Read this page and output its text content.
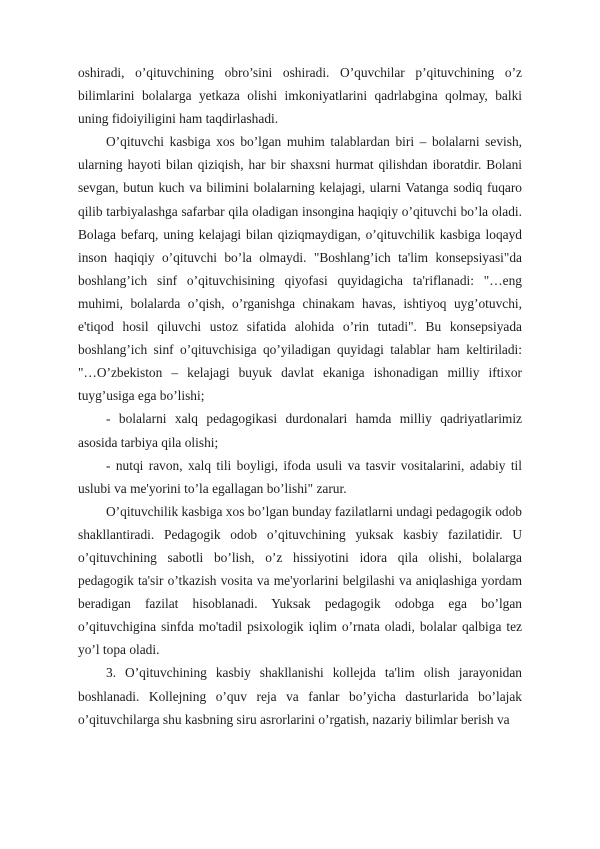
oshiradi, o’qituvchining obro’sini oshiradi. O’quvchilar p’qituvchining o’z bilimlarini bolalarga yetkaza olishi imkoniyatlarini qadrlabgina qolmay, balki uning fidoiyiligini ham taqdirlashadi.

O’qituvchi kasbiga xos bo’lgan muhim talablardan biri – bolalarni sevish, ularning hayoti bilan qiziqish, har bir shaxsni hurmat qilishdan iboratdir. Bolani sevgan, butun kuch va bilimini bolalarning kelajagi, ularni Vatanga sodiq fuqaro qilib tarbiyalashga safarbar qila oladigan insongina haqiqiy o’qituvchi bo’la oladi. Bolaga befarq, uning kelajagi bilan qiziqmaydigan, o’qituvchilik kasbiga loqayd inson haqiqiy o’qituvchi bo’la olmaydi. "Boshlang’ich ta'lim konsepsiyasi"da boshlang’ich sinf o’qituvchisining qiyofasi quyidagicha ta'riflanadi: "…eng muhimi, bolalarda o’qish, o’rganishga chinakam havas, ishtiyoq uyg’otuvchi, e'tiqod hosil qiluvchi ustoz sifatida alohida o’rin tutadi". Bu konsepsiyada boshlang’ich sinf o’qituvchisiga qo’yiladigan quyidagi talablar ham keltiriladi: "…O’zbekiston – kelajagi buyuk davlat ekaniga ishonadigan milliy iftixor tuyg’usiga ega bo’lishi;

- bolalarni xalq pedagogikasi durdonalari hamda milliy qadriyatlarimiz asosida tarbiya qila olishi;

- nutqi ravon, xalq tili boyligi, ifoda usuli va tasvir vositalarini, adabiy til uslubi va me'yorini to’la egallagan bo’lishi" zarur.

O’qituvchilik kasbiga xos bo’lgan bunday fazilatlarni undagi pedagogik odob shakllantiradi. Pedagogik odob o’qituvchining yuksak kasbiy fazilatidir. U o’qituvchining sabotli bo’lish, o’z hissiyotini idora qila olishi, bolalarga pedagogik ta'sir o’tkazish vosita va me'yorlarini belgilashi va aniqlashiga yordam beradigan fazilat hisoblanadi. Yuksak pedagogik odobga ega bo’lgan o’qituvchigina sinfda mo'tadil psixologik iqlim o’rnata oladi, bolalar qalbiga tez yo’l topa oladi.

3. O’qituvchining kasbiy shakllanishi kollejda ta'lim olish jarayonidan boshlanadi. Kollejning o’quv reja va fanlar bo’yicha dasturlarida bo’lajak o’qituvchilarga shu kasbning siru asrorlarini o’rgatish, nazariy bilimlar berish va
